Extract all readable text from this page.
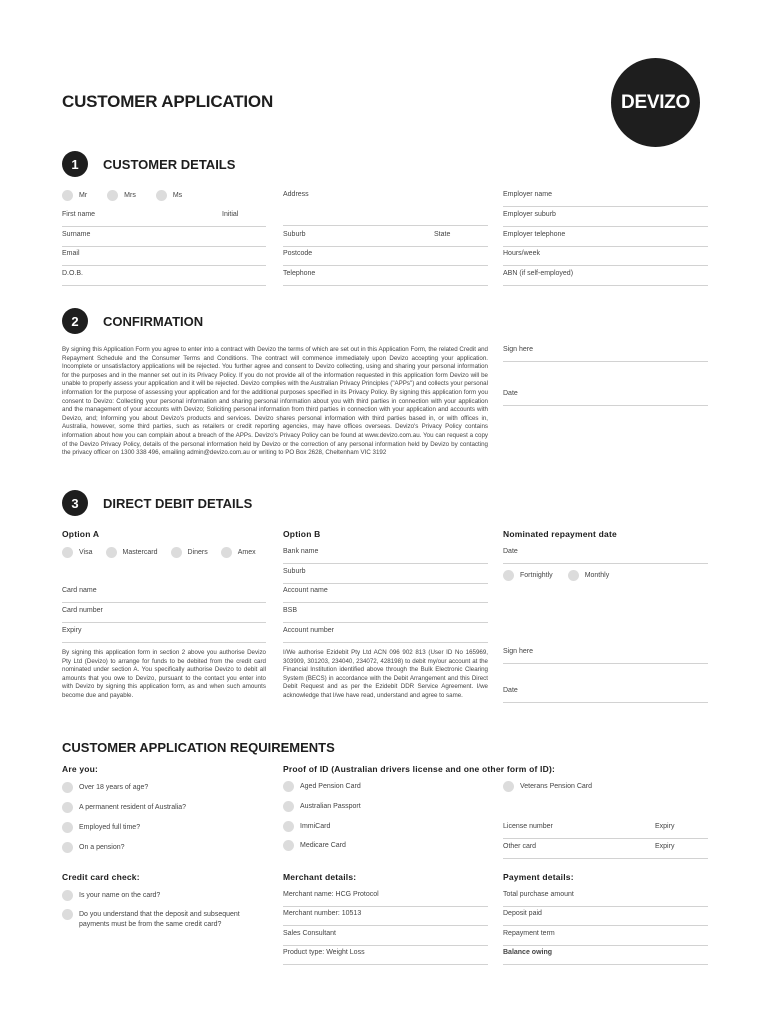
CUSTOMER APPLICATION	DEVIZO
1	CUSTOMER DETAILS
Mr	Mrs	Ms
First name	Initial
Surname
Email
D.O.B.
Address
Suburb	State
Postcode
Telephone
Employer name
Employer suburb
Employer telephone
Hours/week
ABN (if self-employed)
2	CONFIRMATION
By signing this Application Form you agree to enter into a contract with Devizo the terms of which are set out in this Application Form, the related Credit and Repayment Schedule and the Consumer Terms and Conditions. The contract will commence immediately upon Devizo accepting your application. Incomplete or unsatisfactory applications will be rejected. You further agree and consent to Devizo collecting, using and sharing your personal information for the purposes and in the manner set out in its Privacy Policy. If you do not provide all of the information requested in this application form Devizo will be unable to properly assess your application and it will be rejected. Devizo complies with the Australian Privacy Principles ("APPs") and collects your personal information for the purpose of assessing your application and for the additional purposes specified in its Privacy Policy. By signing this application form you consent to Devizo: Collecting your personal information and sharing personal information about you with third parties in connection with your application and the management of your accounts with Devizo; Soliciting personal information from third parties in connection with your application and accounts with Devizo, and; Informing you about Devizo's products and services. Devizo shares personal information with third parties based in, or with offices in, Australia, however, some third parties, such as retailers or credit reporting agencies, may have offices overseas. Devizo's Privacy Policy contains information about how you can complain about a breach of the APPs. Devizo's Privacy Policy can be found at www.devizo.com.au. You can request a copy of the Devizo Privacy Policy, details of the personal information held by Devizo or the correction of any personal information held by Devizo by contacting the privacy officer on 1300 338 496, emailing admin@devizo.com.au or writing to PO Box 2628, Cheltenham VIC 3192
Sign here
Date
3	DIRECT DEBIT DETAILS
Option A
Visa	Mastercard	Diners	Amex
Card name
Card number
Expiry
By signing this application form in section 2 above you authorise Devizo Pty Ltd (Devizo) to arrange for funds to be debited from the credit card nominated under section A. You specifically authorise Devizo to debit all amounts that you owe to Devizo, pursuant to the contact you enter into with Devizo by signing this application form, as and when such amounts become due and payable.
Option B
Bank name
Suburb
Account name
BSB
Account number
I/We authorise Ezidebit Pty Ltd ACN 096 902 813 (User ID No 165969, 303909, 301203, 234040, 234072, 428198) to debit my/our account at the Financial Institution identified above through the Bulk Electronic Clearing System (BECS) in accordance with the Debit Arrangement and this Direct Debit Request and as per the Ezidebit DDR Service Agreement. I/we acknowledge that I/we have read, understand and agree to same.
Nominated repayment date
Date
Fortnightly	Monthly
Sign here
Date
CUSTOMER APPLICATION REQUIREMENTS
Are you:
Over 18 years of age?
A permanent resident of Australia?
Employed full time?
On a pension?
Proof of ID (Australian drivers license and one other form of ID):
Aged Pension Card
Australian Passport
ImmiCard
Medicare Card
Veterans Pension Card
License number	Expiry
Other card	Expiry
Credit card check:
Is your name on the card?
Do you understand that the deposit and subsequent payments must be from the same credit card?
Merchant details:
Merchant name: HCG Protocol
Merchant number: 10513
Sales Consultant
Product type: Weight Loss
Payment details:
Total purchase amount
Deposit paid
Repayment term
Balance owing
